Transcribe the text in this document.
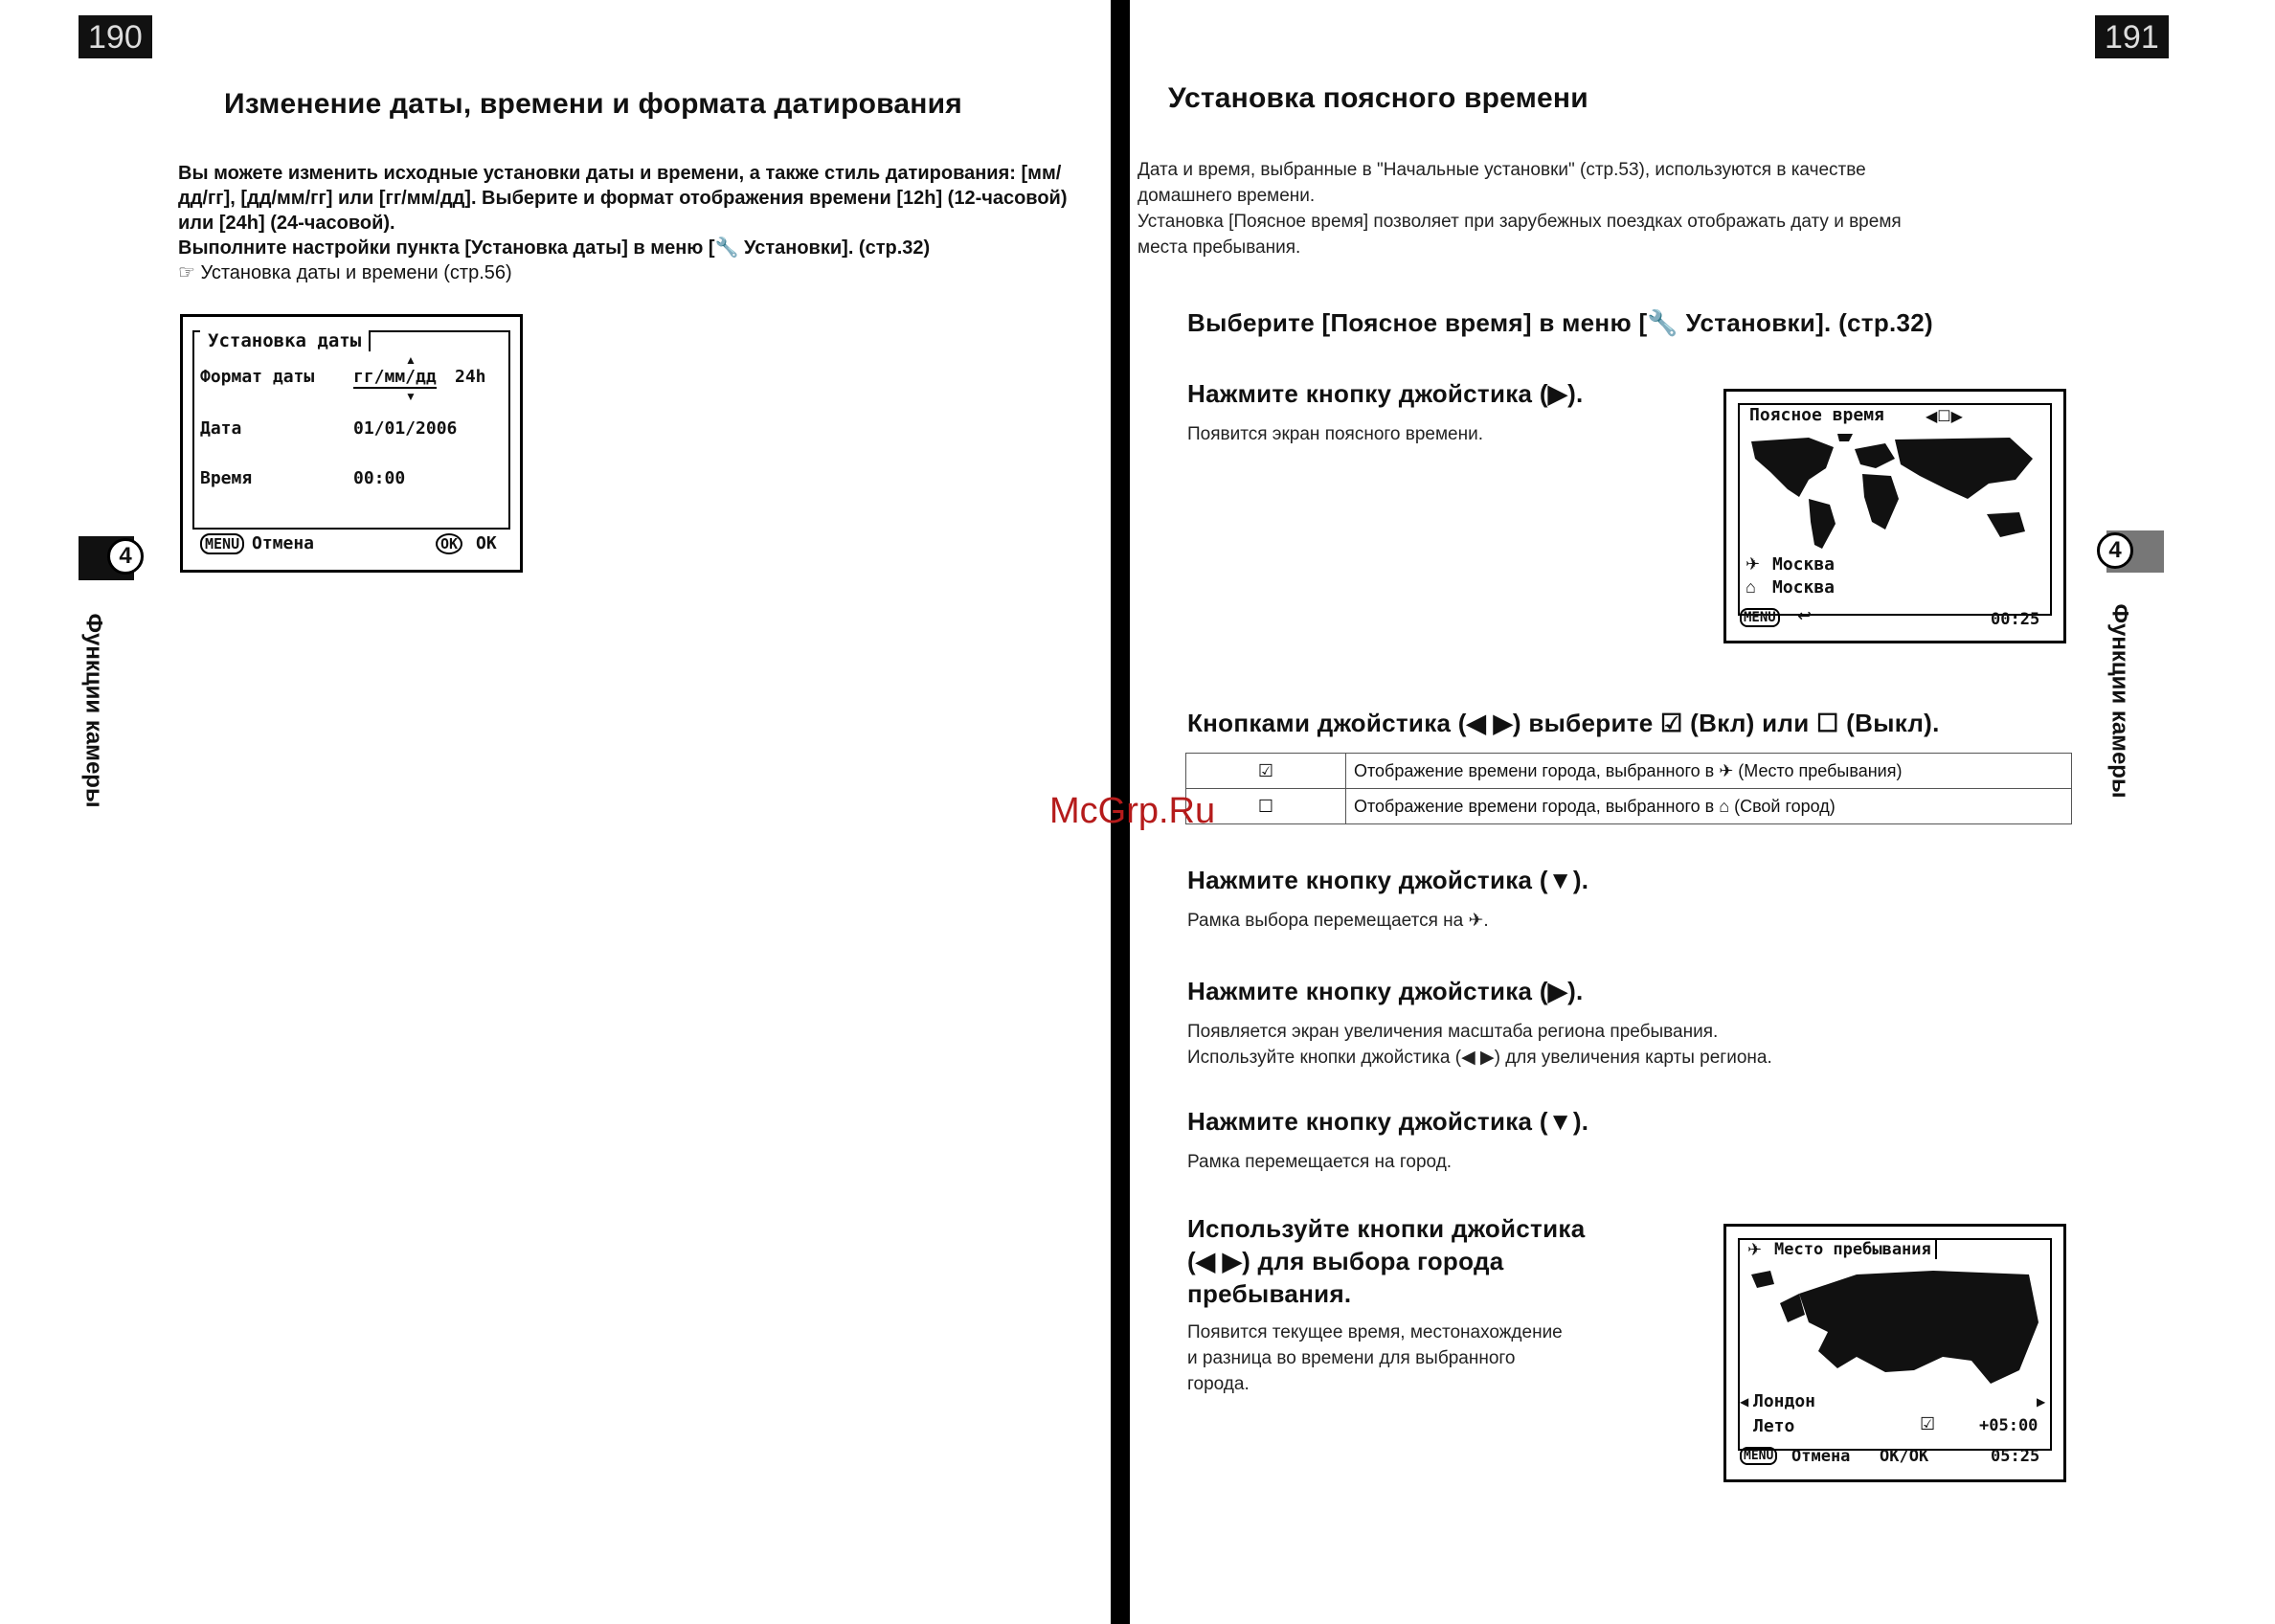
190
Изменение даты, времени и формата датирования
Вы можете изменить исходные установки даты и времени, а также стиль датирования: [мм/
дд/гг], [дд/мм/гг] или [гг/мм/дд]. Выберите и формат отображения времени [12h] (12-часовой)
или [24h] (24-часовой).
Выполните настройки пункта [Установка даты] в меню [🔧 Установки]. (стр.32)
☞ Установка даты и времени (стр.56)
Установка даты
Формат даты гг/мм/дд 24h
▲
▼
Дата	01/01/2006
Время	00:00
MENU Отмена	OK OK
4
Функции камеры
191
Установка поясного времени
Дата и время, выбранные в "Начальные установки" (стр.53), используются в качестве
домашнего времени.
Установка [Поясное время] позволяет при зарубежных поездках отображать дату и время
места пребывания.
Выберите [Поясное время] в меню [🔧 Установки]. (стр.32)
Нажмите кнопку джойстика (▶).
Появится экран поясного времени.
Поясное время	◀☐▶
✈ Москва
⌂ Москва
MENU ↩	00:25
Кнопками джойстика (◀ ▶) выберите ☑ (Вкл) или ☐ (Выкл).
☑	Отображение времени города, выбранного в ✈ (Место пребывания)
☐	Отображение времени города, выбранного в ⌂ (Свой город)
McGrp.Ru
Нажмите кнопку джойстика (▼).
Рамка выбора перемещается на ✈.
Нажмите кнопку джойстика (▶).
Появляется экран увеличения масштаба региона пребывания.
Используйте кнопки джойстика (◀ ▶) для увеличения карты региона.
Нажмите кнопку джойстика (▼).
Рамка перемещается на город.
Используйте кнопки джойстика
(◀ ▶) для выбора города
пребывания.
Появится текущее время, местонахождение
и разница во времени для выбранного
города.
✈ Место пребывания
◀ Лондон	▶
Лето	☑	+05:00
MENU Отмена OK/OK	05:25
4
Функции камеры
